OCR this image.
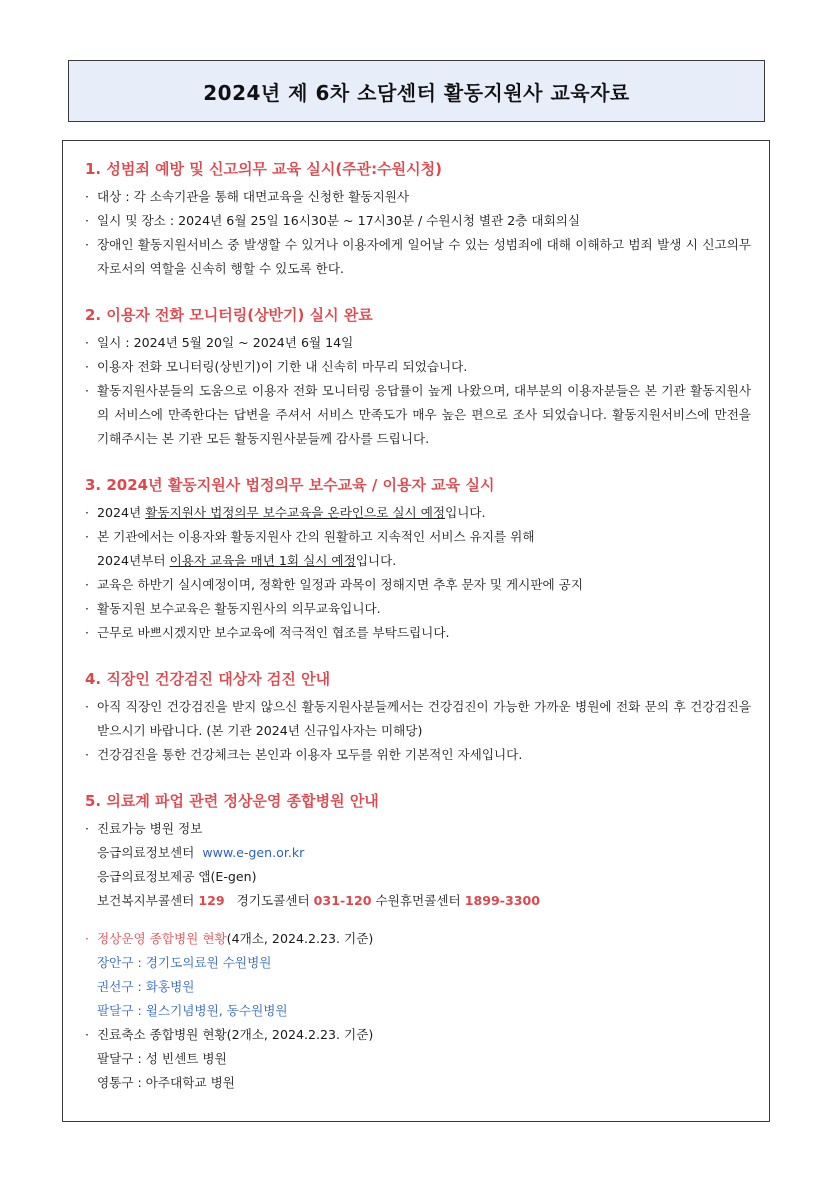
2024년 제 6차 소담센터 활동지원사 교육자료
1. 성범죄 예방 및 신고의무 교육 실시(주관:수원시청)
· 대상 : 각 소속기관을 통해 대면교육을 신청한 활동지원사
· 일시 및 장소 : 2024년 6월 25일 16시30분 ~ 17시30분 / 수원시청 별관 2층 대회의실
· 장애인 활동지원서비스 중 발생할 수 있거나 이용자에게 일어날 수 있는 성범죄에 대해 이해하고 범죄 발생 시 신고의무자로서의 역할을 신속히 행할 수 있도록 한다.
2. 이용자 전화 모니터링(상반기) 실시 완료
· 일시 : 2024년 5월 20일 ~ 2024년 6월 14일
· 이용자 전화 모니터링(상빈기)이 기한 내 신속히 마무리 되었습니다.
· 활동지원사분들의 도움으로 이용자 전화 모니터링 응답률이 높게 나왔으며, 대부분의 이용자분들은 본 기관 활동지원사의 서비스에 만족한다는 답변을 주셔서 서비스 만족도가 매우 높은 편으로 조사 되었습니다. 활동지원서비스에 만전을 기해주시는 본 기관 모든 활동지원사분들께 감사를 드립니다.
3. 2024년 활동지원사 법정의무 보수교육 / 이용자 교육 실시
· 2024년 활동지원사 법정의무 보수교육을 온라인으로 실시 예정입니다.
· 본 기관에서는 이용자와 활동지원사 간의 원활하고 지속적인 서비스 유지를 위해
2024년부터 이용자 교육을 매년 1회 실시 예정입니다.
· 교육은 하반기 실시예정이며, 정확한 일정과 과목이 정해지면 추후 문자 및 게시판에 공지
· 활동지원 보수교육은 활동지원사의 의무교육입니다.
· 근무로 바쁘시겠지만 보수교육에 적극적인 협조를 부탁드립니다.
4. 직장인 건강검진 대상자 검진 안내
· 아직 직장인 건강검진을 받지 않으신 활동지원사분들께서는 건강검진이 가능한 가까운 병원에 전화 문의 후 건강검진을 받으시기 바랍니다. (본 기관 2024년 신규입사자는 미해당)
· 건강검진을 통한 건강체크는 본인과 이용자 모두를 위한 기본적인 자세입니다.
5. 의료계 파업 관련 정상운영 종합병원 안내
· 진료가능 병원 정보
응급의료정보센터
www.e-gen.or.kr
응급의료정보제공 앱(E-gen)
보건복지부콜센터
129
경기도콜센터
031-120
수원휴먼콜센터
1899-3300
· 정상운영 종합병원 현황(4개소, 2024.2.23. 기준)
장안구 : 경기도의료원 수원병원
권선구 : 화홍병원
팔달구 : 윌스기념병원, 동수원병원
· 진료축소 종합병원 현황(2개소, 2024.2.23. 기준)
팔달구 : 성 빈센트 병원
영통구 : 아주대학교 병원
